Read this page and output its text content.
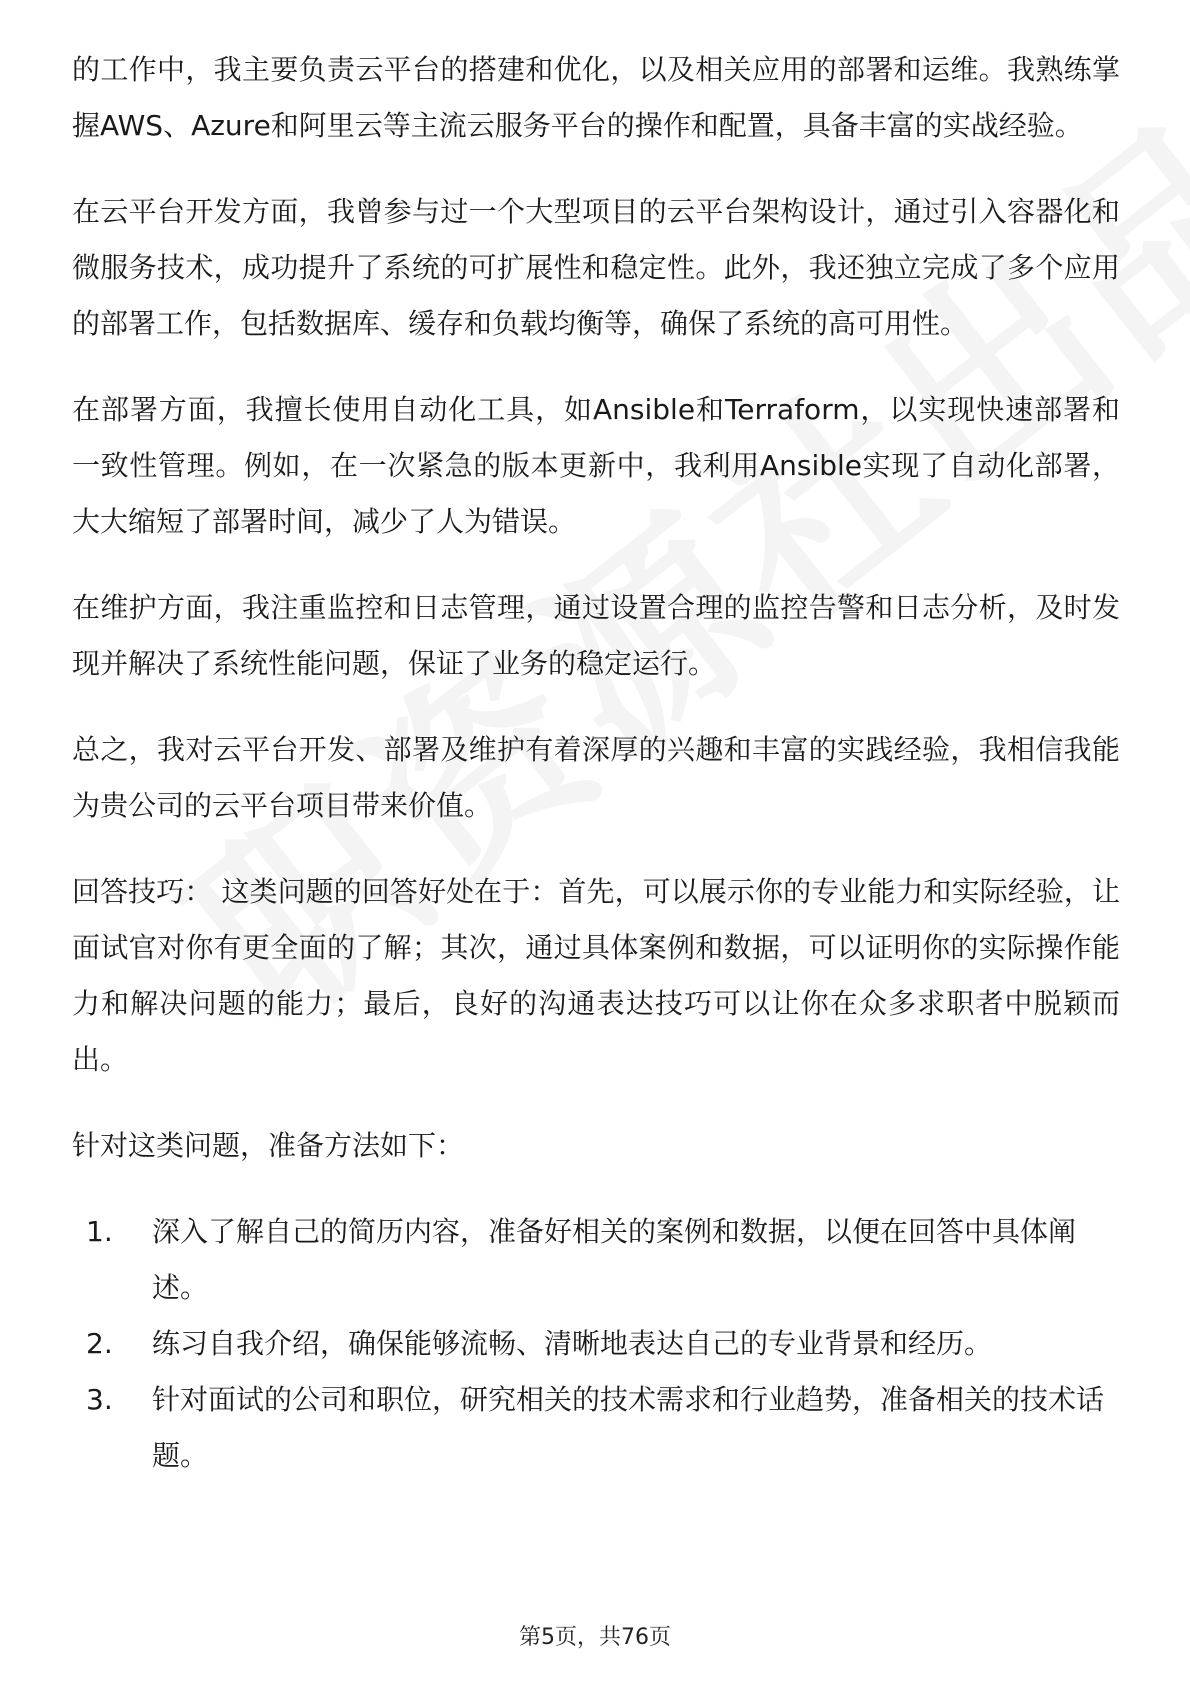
的工作中，我主要负责云平台的搭建和优化，以及相关应用的部署和运维。我熟练掌握AWS、Azure和阿里云等主流云服务平台的操作和配置，具备丰富的实战经验。

在云平台开发方面，我曾参与过一个大型项目的云平台架构设计，通过引入容器化和微服务技术，成功提升了系统的可扩展性和稳定性。此外，我还独立完成了多个应用的部署工作，包括数据库、缓存和负载均衡等，确保了系统的高可用性。

在部署方面，我擅长使用自动化工具，如Ansible和Terraform，以实现快速部署和一致性管理。例如，在一次紧急的版本更新中，我利用Ansible实现了自动化部署，大大缩短了部署时间，减少了人为错误。

在维护方面，我注重监控和日志管理，通过设置合理的监控告警和日志分析，及时发现并解决了系统性能问题，保证了业务的稳定运行。

总之，我对云平台开发、部署及维护有着深厚的兴趣和丰富的实践经验，我相信我能为贵公司的云平台项目带来价值。

回答技巧： 这类问题的回答好处在于：首先，可以展示你的专业能力和实际经验，让面试官对你有更全面的了解；其次，通过具体案例和数据，可以证明你的实际操作能力和解决问题的能力；最后，良好的沟通表达技巧可以让你在众多求职者中脱颖而出。

针对这类问题，准备方法如下：

1. 深入了解自己的简历内容，准备好相关的案例和数据，以便在回答中具体阐述。
2. 练习自我介绍，确保能够流畅、清晰地表达自己的专业背景和经历。
3. 针对面试的公司和职位，研究相关的技术需求和行业趋势，准备相关的技术话题。
第5页，共76页
